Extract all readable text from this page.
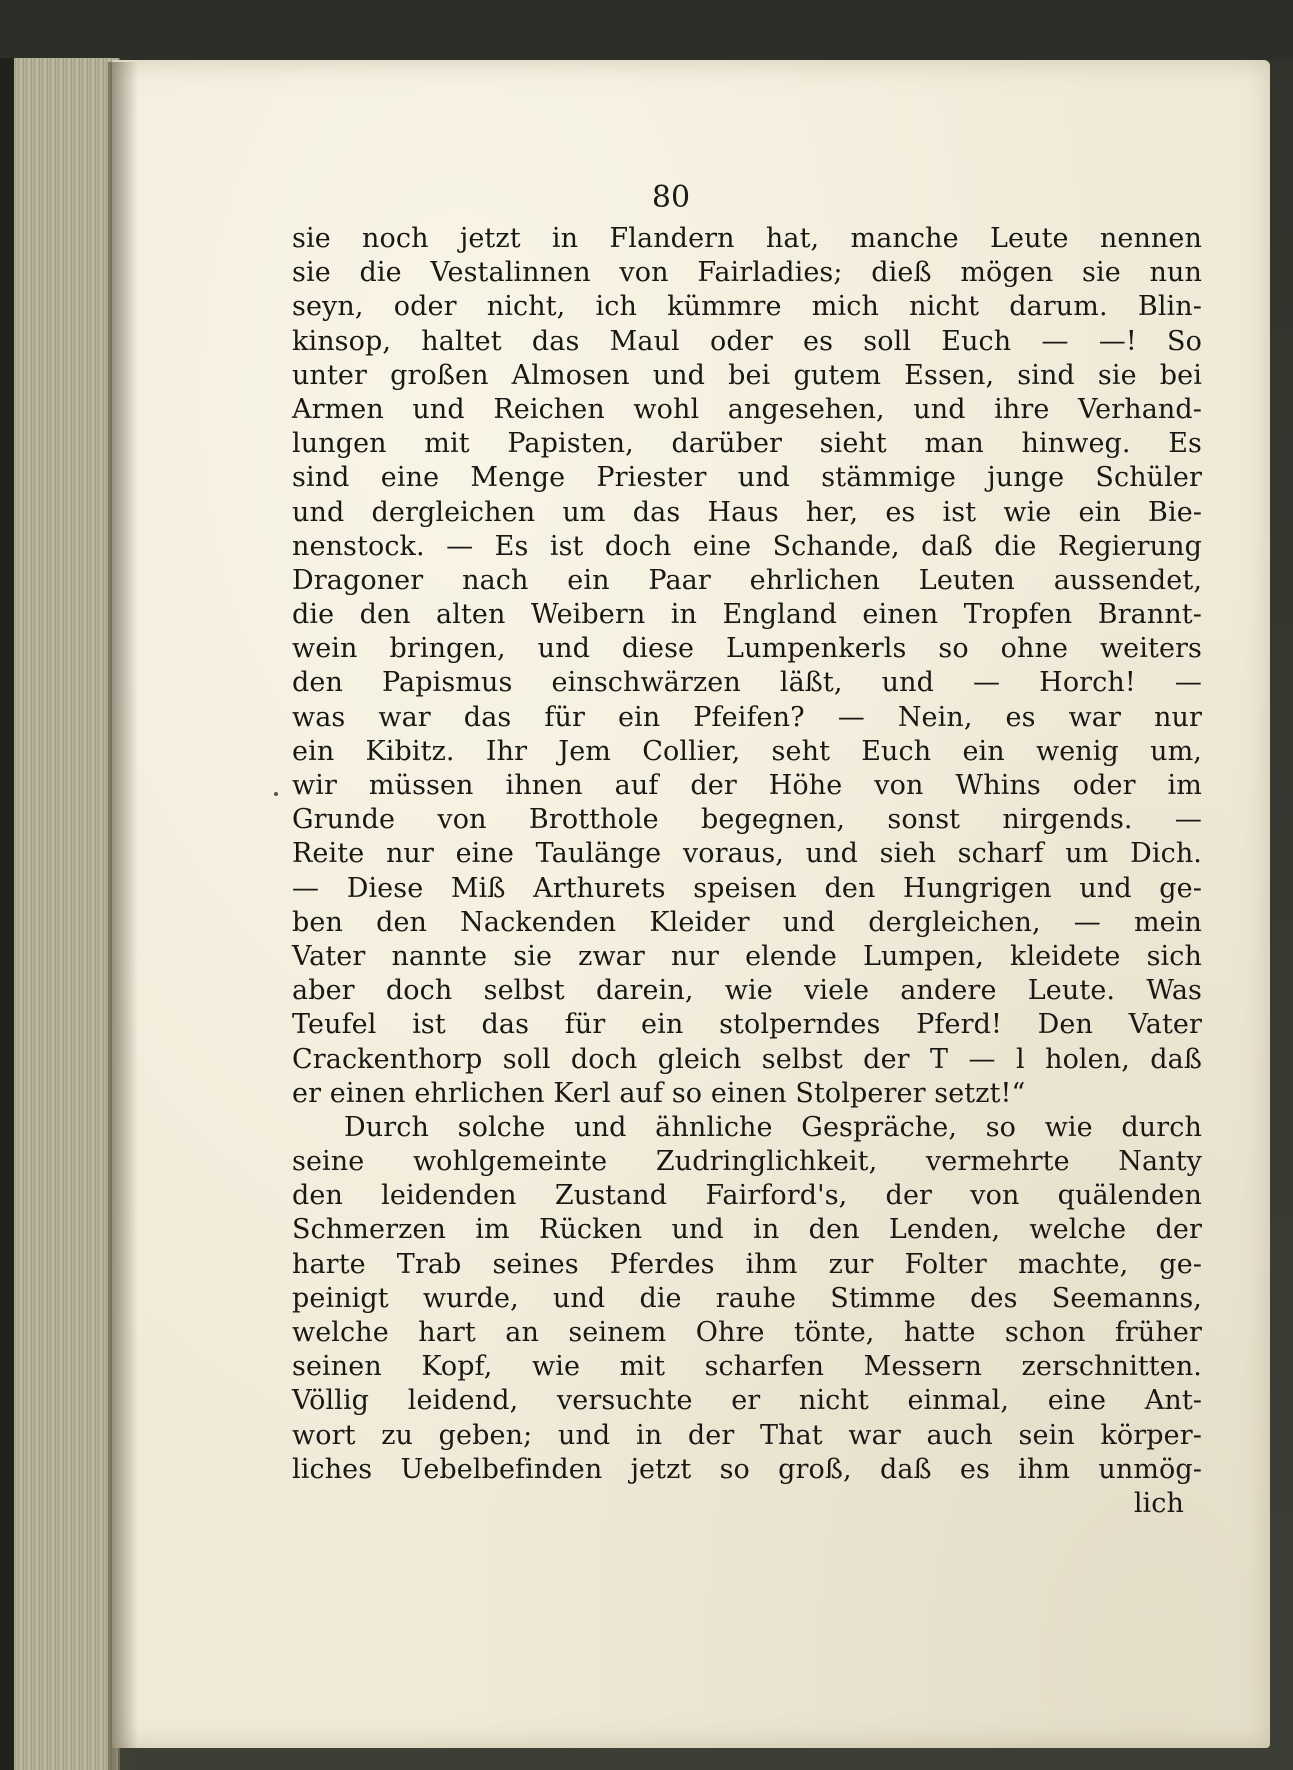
80
sie noch jetzt in Flandern hat, manche Leute nennen
sie die Vestalinnen von Fairladies; dieß mögen sie nun
seyn, oder nicht, ich kümmre mich nicht darum. Blin-
kinsop, haltet das Maul oder es soll Euch — —! So
unter großen Almosen und bei gutem Essen, sind sie bei
Armen und Reichen wohl angesehen, und ihre Verhand-
lungen mit Papisten, darüber sieht man hinweg. Es
sind eine Menge Priester und stämmige junge Schüler
und dergleichen um das Haus her, es ist wie ein Bie-
nenstock. — Es ist doch eine Schande, daß die Regierung
Dragoner nach ein Paar ehrlichen Leuten aussendet,
die den alten Weibern in England einen Tropfen Brannt-
wein bringen, und diese Lumpenkerls so ohne weiters
den Papismus einschwärzen läßt, und — Horch! —
was war das für ein Pfeifen? — Nein, es war nur
ein Kibitz. Ihr Jem Collier, seht Euch ein wenig um,
wir müssen ihnen auf der Höhe von Whins oder im
Grunde von Brotthole begegnen, sonst nirgends. —
Reite nur eine Taulänge voraus, und sieh scharf um Dich.
— Diese Miß Arthurets speisen den Hungrigen und ge-
ben den Nackenden Kleider und dergleichen, — mein
Vater nannte sie zwar nur elende Lumpen, kleidete sich
aber doch selbst darein, wie viele andere Leute. Was
Teufel ist das für ein stolperndes Pferd! Den Vater
Crackenthorp soll doch gleich selbst der T — l holen, daß
er einen ehrlichen Kerl auf so einen Stolperer setzt!“
Durch solche und ähnliche Gespräche, so wie durch
seine wohlgemeinte Zudringlichkeit, vermehrte Nanty
den leidenden Zustand Fairford's, der von quälenden
Schmerzen im Rücken und in den Lenden, welche der
harte Trab seines Pferdes ihm zur Folter machte, ge-
peinigt wurde, und die rauhe Stimme des Seemanns,
welche hart an seinem Ohre tönte, hatte schon früher
seinen Kopf, wie mit scharfen Messern zerschnitten.
Völlig leidend, versuchte er nicht einmal, eine Ant-
wort zu geben; und in der That war auch sein körper-
liches Uebelbefinden jetzt so groß, daß es ihm unmög-
lich
